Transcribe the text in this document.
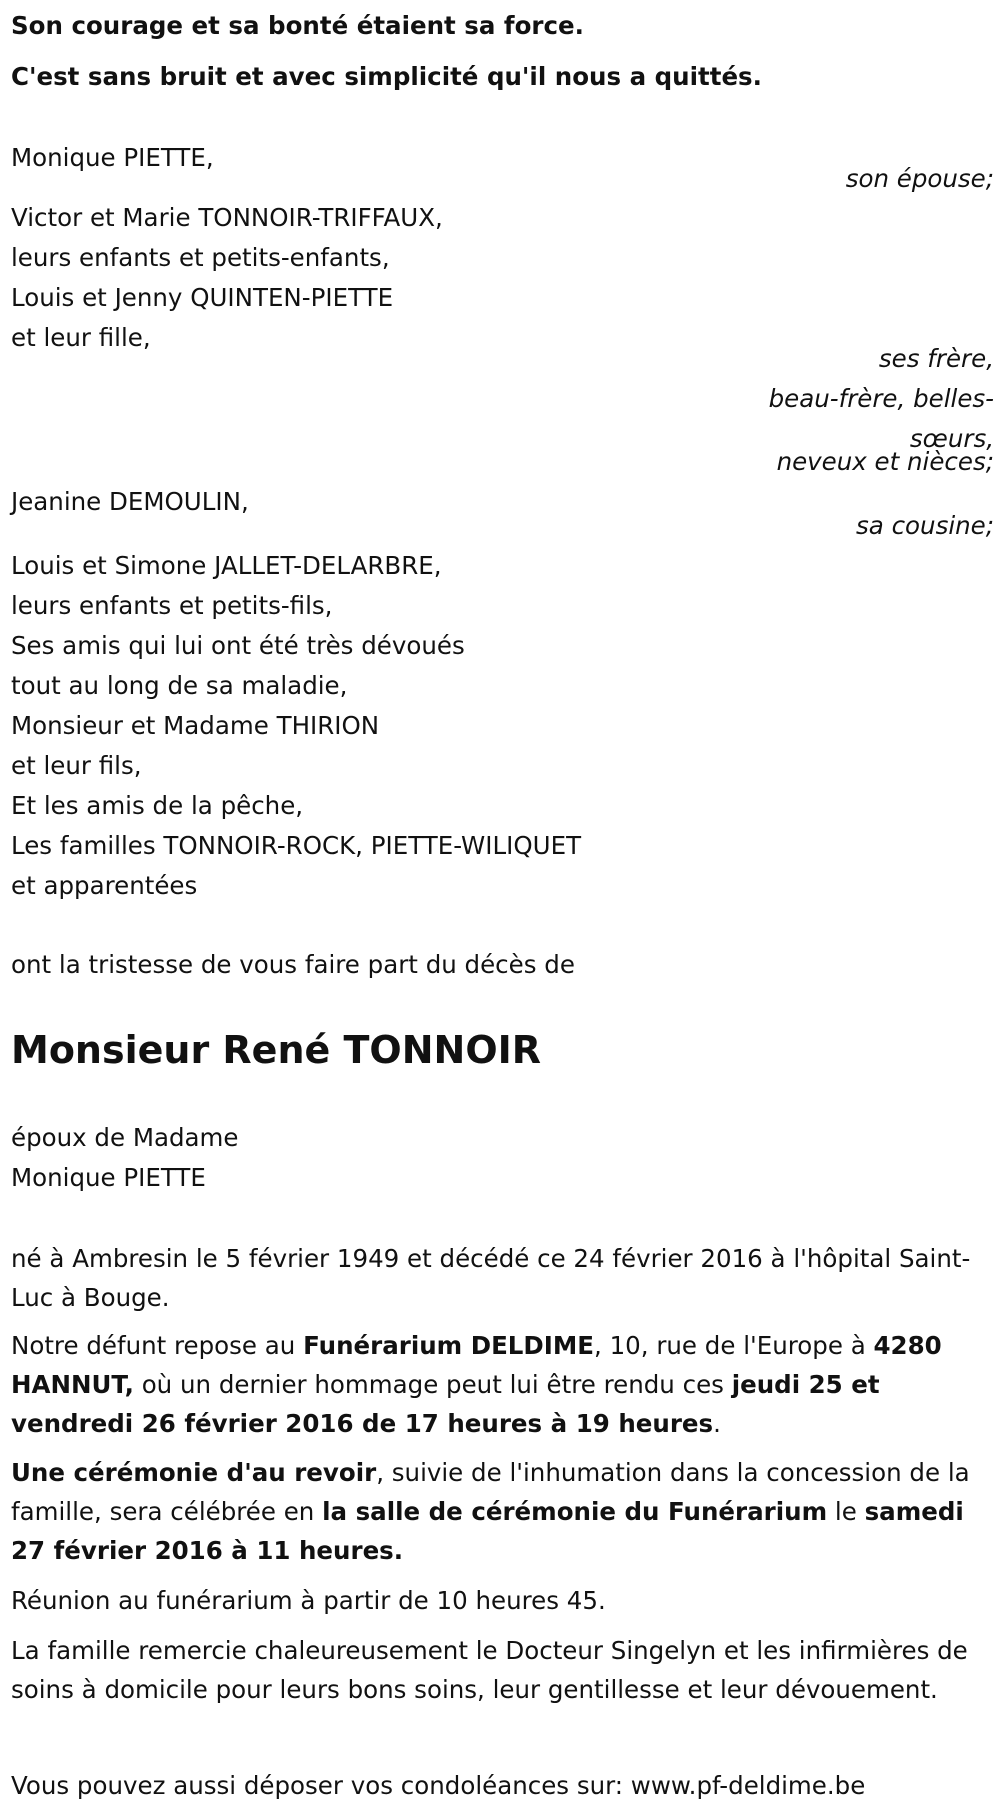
Son courage et sa bonté étaient sa force.
C'est sans bruit et avec simplicité qu'il nous a quittés.
Monique PIETTE,
son épouse;
Victor et Marie TONNOIR-TRIFFAUX,
leurs enfants et petits-enfants,
Louis et Jenny QUINTEN-PIETTE
et leur fille,
ses frère,
beau-frère, belles-
sœurs,
neveux et nièces;
Jeanine DEMOULIN,
sa cousine;
Louis et Simone JALLET-DELARBRE,
leurs enfants et petits-fils,
Ses amis qui lui ont été très dévoués
tout au long de sa maladie,
Monsieur et Madame THIRION
et leur fils,
Et les amis de la pêche,
Les familles TONNOIR-ROCK, PIETTE-WILIQUET
et apparentées
ont la tristesse de vous faire part du décès de
Monsieur René TONNOIR
époux de Madame
Monique PIETTE
né à Ambresin le 5 février 1949 et décédé ce 24 février 2016 à l'hôpital Saint-Luc à Bouge.
Notre défunt repose au Funérarium DELDIME, 10, rue de l'Europe à 4280 HANNUT, où un dernier hommage peut lui être rendu ces jeudi 25 et vendredi 26 février 2016 de 17 heures à 19 heures.
Une cérémonie d'au revoir, suivie de l'inhumation dans la concession de la famille, sera célébrée en la salle de cérémonie du Funérarium le samedi 27 février 2016 à 11 heures.
Réunion au funérarium à partir de 10 heures 45.
La famille remercie chaleureusement le Docteur Singelyn et les infirmières de soins à domicile pour leurs bons soins, leur gentillesse et leur dévouement.
Vous pouvez aussi déposer vos condoléances sur: www.pf-deldime.be
